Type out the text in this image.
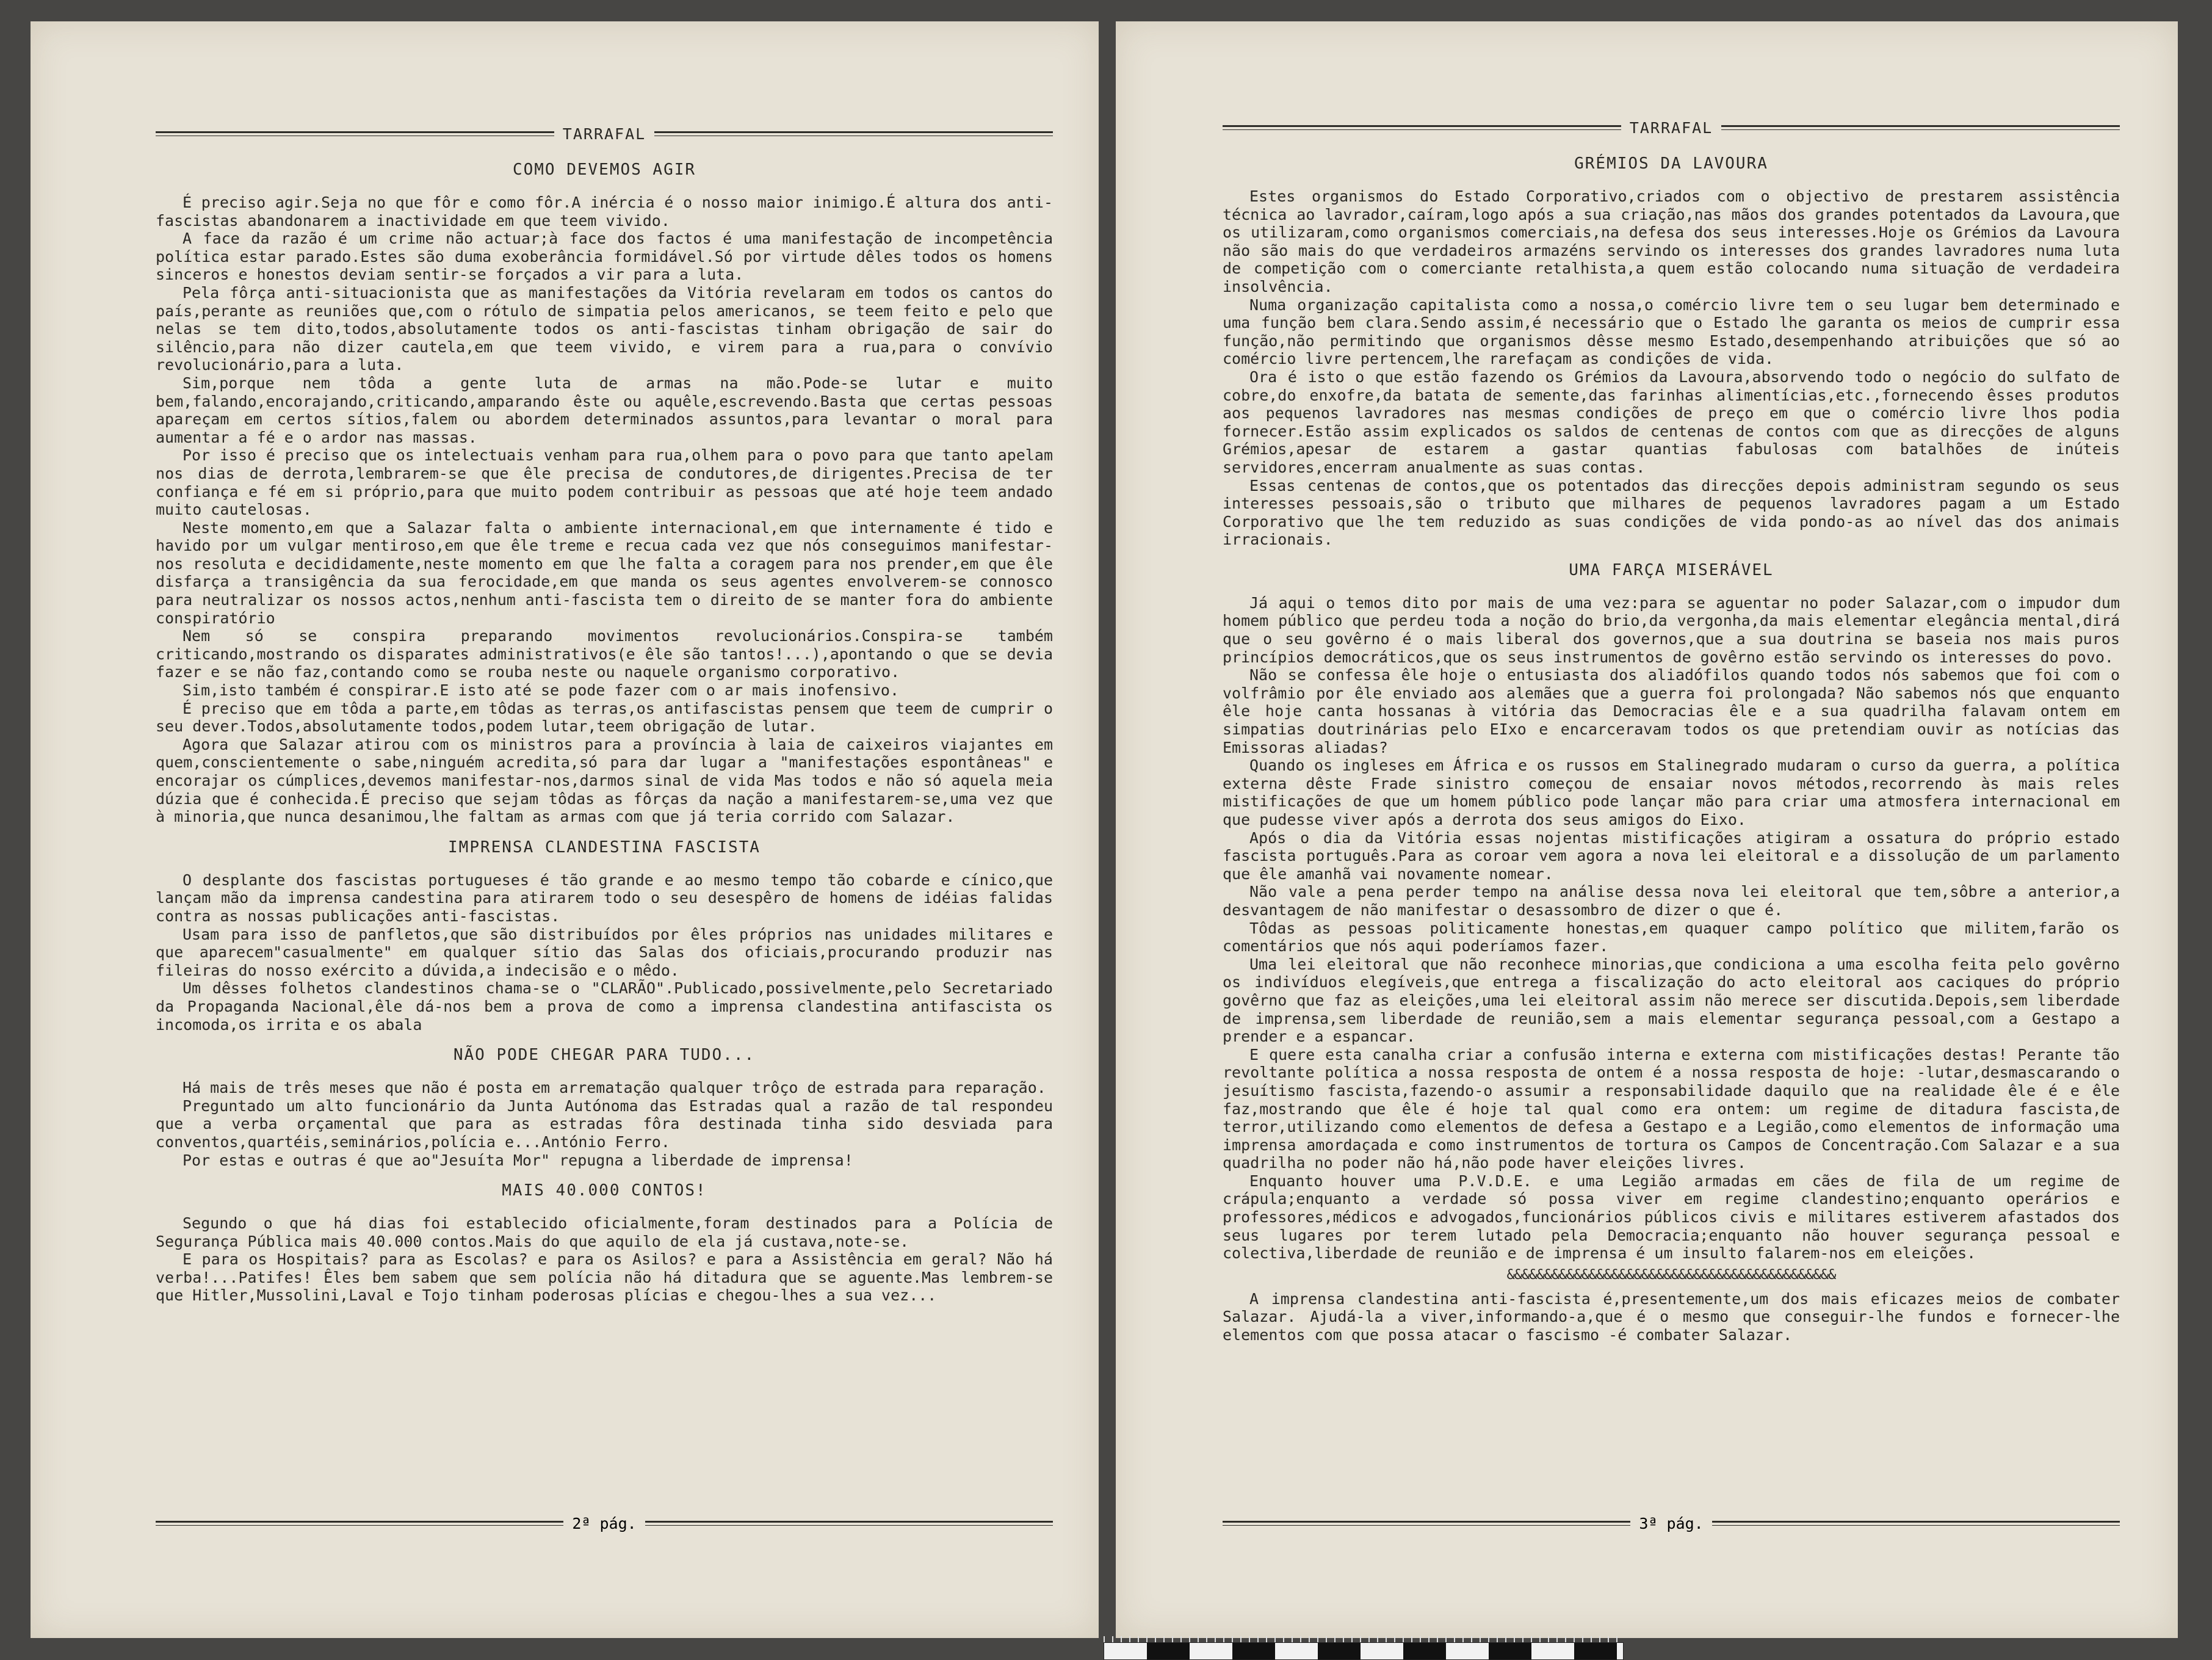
TARRAFAL
COMO DEVEMOS AGIR

É preciso agir.Seja no que fôr e como fôr.A inércia é o nosso maior inimigo.É altura dos anti-fascistas abandonarem a inactividade em que teem vivido.

A face da razão é um crime não actuar;à face dos factos é uma manifestação de incompetência política estar parado.Estes são duma exoberância formidável.Só por virtude dêles todos os homens sinceros e honestos deviam sentir-se forçados a vir para a luta.

Pela fôrça anti-situacionista que as manifestações da Vitória revelaram em todos os cantos do país,perante as reuniões que,com o rótulo de simpatia pelos americanos, se teem feito e pelo que nelas se tem dito,todos,absolutamente todos os anti-fascistas tinham obrigação de sair do silêncio,para não dizer cautela,em que teem vivido, e virem para a rua,para o convívio revolucionário,para a luta.

Sim,porque nem tôda a gente luta de armas na mão.Pode-se lutar e muito bem,falando,encorajando,criticando,amparando êste ou aquêle,escrevendo.Basta que certas pessoas apareçam em certos sítios,falem ou abordem determinados assuntos,para levantar o moral para aumentar a fé e o ardor nas massas.

Por isso é preciso que os intelectuais venham para rua,olhem para o povo para que tanto apelam nos dias de derrota,lembrarem-se que êle precisa de condutores,de dirigentes.Precisa de ter confiança e fé em si próprio,para que muito podem contribuir as pessoas que até hoje teem andado muito cautelosas.

Neste momento,em que a Salazar falta o ambiente internacional,em que internamente é tido e havido por um vulgar mentiroso,em que êle treme e recua cada vez que nós conseguimos manifestar-nos resoluta e decididamente,neste momento em que lhe falta a coragem para nos prender,em que êle disfarça a transigência da sua ferocidade,em que manda os seus agentes envolverem-se connosco para neutralizar os nossos actos,nenhum anti-fascista tem o direito de se manter fora do ambiente conspiratório

Nem só se conspira preparando movimentos revolucionários.Conspira-se também criticando,mostrando os disparates administrativos(e êle são tantos!...),apontando o que se devia fazer e se não faz,contando como se rouba neste ou naquele organismo corporativo.

Sim,isto também é conspirar.E isto até se pode fazer com o ar mais inofensivo.

É preciso que em tôda a parte,em tôdas as terras,os antifascistas pensem que teem de cumprir o seu dever.Todos,absolutamente todos,podem lutar,teem obrigação de lutar.

Agora que Salazar atirou com os ministros para a província à laia de caixeiros viajantes em quem,conscientemente o sabe,ninguém acredita,só para dar lugar a "manifestações espontâneas" e encorajar os cúmplices,devemos manifestar-nos,darmos sinal de vida Mas todos e não só aquela meia dúzia que é conhecida.É preciso que sejam tôdas as fôrças da nação a manifestarem-se,uma vez que à minoria,que nunca desanimou,lhe faltam as armas com que já teria corrido com Salazar.

IMPRENSA CLANDESTINA FASCISTA

O desplante dos fascistas portugueses é tão grande e ao mesmo tempo tão cobarde e cínico,que lançam mão da imprensa candestina para atirarem todo o seu desespêro de homens de idéias falidas contra as nossas publicações anti-fascistas.

Usam para isso de panfletos,que são distribuídos por êles próprios nas unidades militares e que aparecem"casualmente" em qualquer sítio das Salas dos oficiais,procurando produzir nas fileiras do nosso exército a dúvida,a indecisão e o mêdo.

Um dêsses folhetos clandestinos chama-se o "CLARÃO".Publicado,possivelmente,pelo Secretariado da Propaganda Nacional,êle dá-nos bem a prova de como a imprensa clandestina antifascista os incomoda,os irrita e os abala

NÃO PODE CHEGAR PARA TUDO...

Há mais de três meses que não é posta em arrematação qualquer trôço de estrada para reparação.

Preguntado um alto funcionário da Junta Autónoma das Estradas qual a razão de tal respondeu que a verba orçamental que para as estradas fôra destinada tinha sido desviada para conventos,quartéis,seminários,polícia e...António Ferro.

Por estas e outras é que ao"Jesuíta Mor" repugna a liberdade de imprensa!

MAIS 40.000 CONTOS!

Segundo o que há dias foi establecido oficialmente,foram destinados para a Polícia de Segurança Pública mais 40.000 contos.Mais do que aquilo de ela já custava,note-se.

E para os Hospitais? para as Escolas? e para os Asilos? e para a Assistência em geral? Não há verba!...Patifes! Êles bem sabem que sem polícia não há ditadura que se aguente.Mas lembrem-se que Hitler,Mussolini,Laval e Tojo tinham poderosas plícias e chegou-lhes a sua vez...

2ª pág.
TARRAFAL
GRÉMIOS DA LAVOURA

Estes organismos do Estado Corporativo,criados com o objectivo de prestarem assistência técnica ao lavrador,caíram,logo após a sua criação,nas mãos dos grandes potentados da Lavoura,que os utilizaram,como organismos comerciais,na defesa dos seus interesses.Hoje os Grémios da Lavoura não são mais do que verdadeiros armazéns servindo os interesses dos grandes lavradores numa luta de competição com o comerciante retalhista,a quem estão colocando numa situação de verdadeira insolvência.

Numa organização capitalista como a nossa,o comércio livre tem o seu lugar bem determinado e uma função bem clara.Sendo assim,é necessário que o Estado lhe garanta os meios de cumprir essa função,não permitindo que organismos dêsse mesmo Estado,desempenhando atribuições que só ao comércio livre pertencem,lhe rarefaçam as condições de vida.

Ora é isto o que estão fazendo os Grémios da Lavoura,absorvendo todo o negócio do sulfato de cobre,do enxofre,da batata de semente,das farinhas alimentícias,etc.,fornecendo êsses produtos aos pequenos lavradores nas mesmas condições de preço em que o comércio livre lhos podia fornecer.Estão assim explicados os saldos de centenas de contos com que as direcções de alguns Grémios,apesar de estarem a gastar quantias fabulosas com batalhões de inúteis servidores,encerram anualmente as suas contas.

Essas centenas de contos,que os potentados das direcções depois administram segundo os seus interesses pessoais,são o tributo que milhares de pequenos lavradores pagam a um Estado Corporativo que lhe tem reduzido as suas condições de vida pondo-as ao nível das dos animais irracionais.

UMA FARÇA MISERÁVEL

Já aqui o temos dito por mais de uma vez:para se aguentar no poder Salazar,com o impudor dum homem público que perdeu toda a noção do brio,da vergonha,da mais elementar elegância mental,dirá que o seu govêrno é o mais liberal dos governos,que a sua doutrina se baseia nos mais puros princípios democráticos,que os seus instrumentos de govêrno estão servindo os interesses do povo.

Não se confessa êle hoje o entusiasta dos aliadófilos quando todos nós sabemos que foi com o volfrâmio por êle enviado aos alemães que a guerra foi prolongada? Não sabemos nós que enquanto êle hoje canta hossanas à vitória das Democracias êle e a sua quadrilha falavam ontem em simpatias doutrinárias pelo EIxo e encarceravam todos os que pretendiam ouvir as notícias das Emissoras aliadas?

Quando os ingleses em África e os russos em Stalinegrado mudaram o curso da guerra, a política externa dêste Frade sinistro começou de ensaiar novos métodos,recorrendo às mais reles mistificações de que um homem público pode lançar mão para criar uma atmosfera internacional em que pudesse viver após a derrota dos seus amigos do Eixo.

Após o dia da Vitória essas nojentas mistificações atigiram a ossatura do próprio estado fascista português.Para as coroar vem agora a nova lei eleitoral e a dissolução de um parlamento que êle amanhã vai novamente nomear.

Não vale a pena perder tempo na análise dessa nova lei eleitoral que tem,sôbre a anterior,a desvantagem de não manifestar o desassombro de dizer o que é.

Tôdas as pessoas politicamente honestas,em quaquer campo político que militem,farão os comentários que nós aqui poderíamos fazer.

Uma lei eleitoral que não reconhece minorias,que condiciona a uma escolha feita pelo govêrno os indivíduos elegíveis,que entrega a fiscalização do acto eleitoral aos caciques do próprio govêrno que faz as eleições,uma lei eleitoral assim não merece ser discutida.Depois,sem liberdade de imprensa,sem liberdade de reunião,sem a mais elementar segurança pessoal,com a Gestapo a prender e a espancar.

E quere esta canalha criar a confusão interna e externa com mistificações destas! Perante tão revoltante política a nossa resposta de ontem é a nossa resposta de hoje: -lutar,desmascarando o jesuítismo fascista,fazendo-o assumir a responsabilidade daquilo que na realidade êle é e êle faz,mostrando que êle é hoje tal qual como era ontem: um regime de ditadura fascista,de terror,utilizando como elementos de defesa a Gestapo e a Legião,como elementos de informação uma imprensa amordaçada e como instrumentos de tortura os Campos de Concentração.Com Salazar e a sua quadrilha no poder não há,não pode haver eleições livres.

Enquanto houver uma P.V.D.E. e uma Legião armadas em cães de fila de um regime de crápula;enquanto a verdade só possa viver em regime clandestino;enquanto operários e professores,médicos e advogados,funcionários públicos civis e militares estiverem afastados dos seus lugares por terem lutado pela Democracia;enquanto não houver segurança pessoal e colectiva,liberdade de reunião e de imprensa é um insulto falarem-nos em eleições.

&&&&&&&&&&&&&&&&&&&&&&&&&&&&&&&&&&&&&&&&&&&&

A imprensa clandestina anti-fascista é,presentemente,um dos mais eficazes meios de combater Salazar. Ajudá-la a viver,informando-a,que é o mesmo que conseguir-lhe fundos e fornecer-lhe elementos com que possa atacar o fascismo -é combater Salazar.

3ª pág.
